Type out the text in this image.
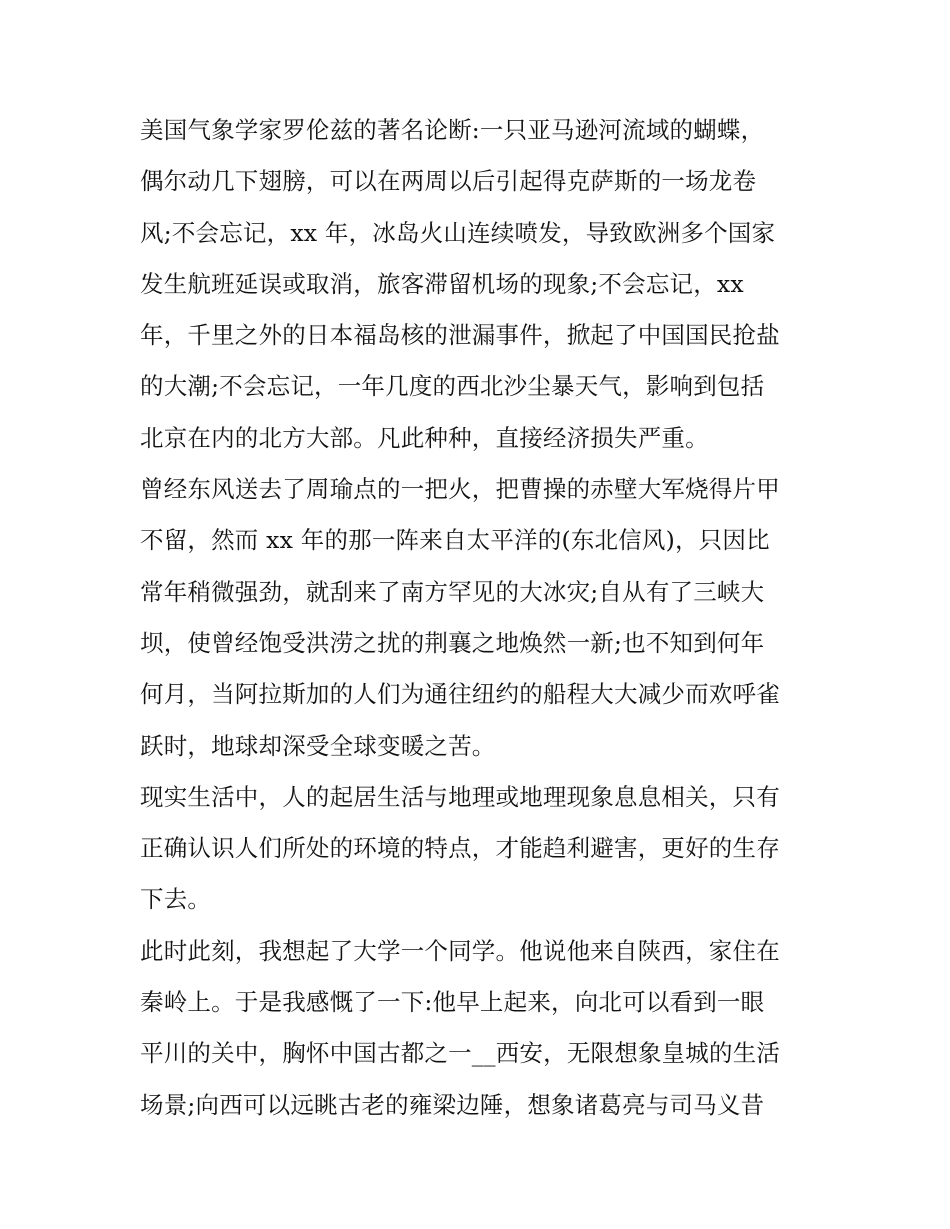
美国气象学家罗伦兹的著名论断:一只亚马逊河流域的蝴蝶，
偶尔动几下翅膀，可以在两周以后引起得克萨斯的一场龙卷
风;不会忘记，xx 年，冰岛火山连续喷发，导致欧洲多个国家
发生航班延误或取消，旅客滞留机场的现象;不会忘记，xx
年，千里之外的日本福岛核的泄漏事件，掀起了中国国民抢盐
的大潮;不会忘记，一年几度的西北沙尘暴天气，影响到包括
北京在内的北方大部。凡此种种，直接经济损失严重。

曾经东风送去了周瑜点的一把火，把曹操的赤壁大军烧得片甲
不留，然而 xx 年的那一阵来自太平洋的(东北信风)，只因比
常年稍微强劲，就刮来了南方罕见的大冰灾;自从有了三峡大
坝，使曾经饱受洪涝之扰的荆襄之地焕然一新;也不知到何年
何月，当阿拉斯加的人们为通往纽约的船程大大减少而欢呼雀
跃时，地球却深受全球变暖之苦。

现实生活中，人的起居生活与地理或地理现象息息相关，只有
正确认识人们所处的环境的特点，才能趋利避害，更好的生存
下去。

此时此刻，我想起了大学一个同学。他说他来自陕西，家住在
秦岭上。于是我感慨了一下:他早上起来，向北可以看到一眼
平川的关中，胸怀中国古都之一__西安，无限想象皇城的生活
场景;向西可以远眺古老的雍梁边陲，想象诸葛亮与司马义昔
